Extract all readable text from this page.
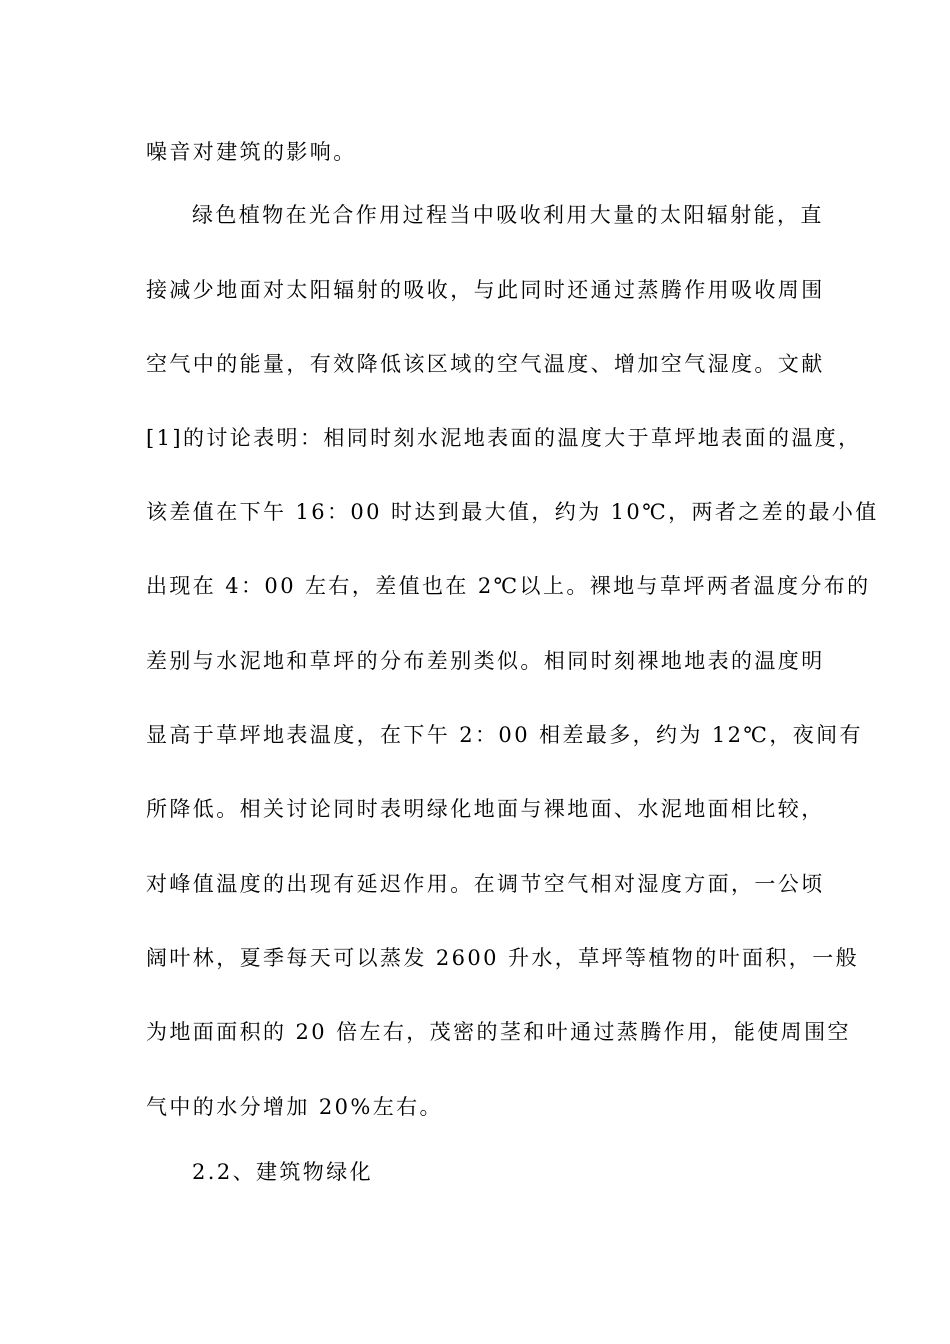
噪音对建筑的影响。
绿色植物在光合作用过程当中吸收利用大量的太阳辐射能，直
接减少地面对太阳辐射的吸收，与此同时还通过蒸腾作用吸收周围
空气中的能量，有效降低该区域的空气温度、增加空气湿度。文献
[1]的讨论表明：相同时刻水泥地表面的温度大于草坪地表面的温度，
该差值在下午 16：00 时达到最大值，约为 10℃，两者之差的最小值
出现在 4：00 左右，差值也在 2℃以上。裸地与草坪两者温度分布的
差别与水泥地和草坪的分布差别类似。相同时刻裸地地表的温度明
显高于草坪地表温度，在下午 2：00 相差最多，约为 12℃，夜间有
所降低。相关讨论同时表明绿化地面与裸地面、水泥地面相比较，
对峰值温度的出现有延迟作用。在调节空气相对湿度方面，一公顷
阔叶林，夏季每天可以蒸发 2600 升水，草坪等植物的叶面积，一般
为地面面积的 20 倍左右，茂密的茎和叶通过蒸腾作用，能使周围空
气中的水分增加 20%左右。
2.2、建筑物绿化
